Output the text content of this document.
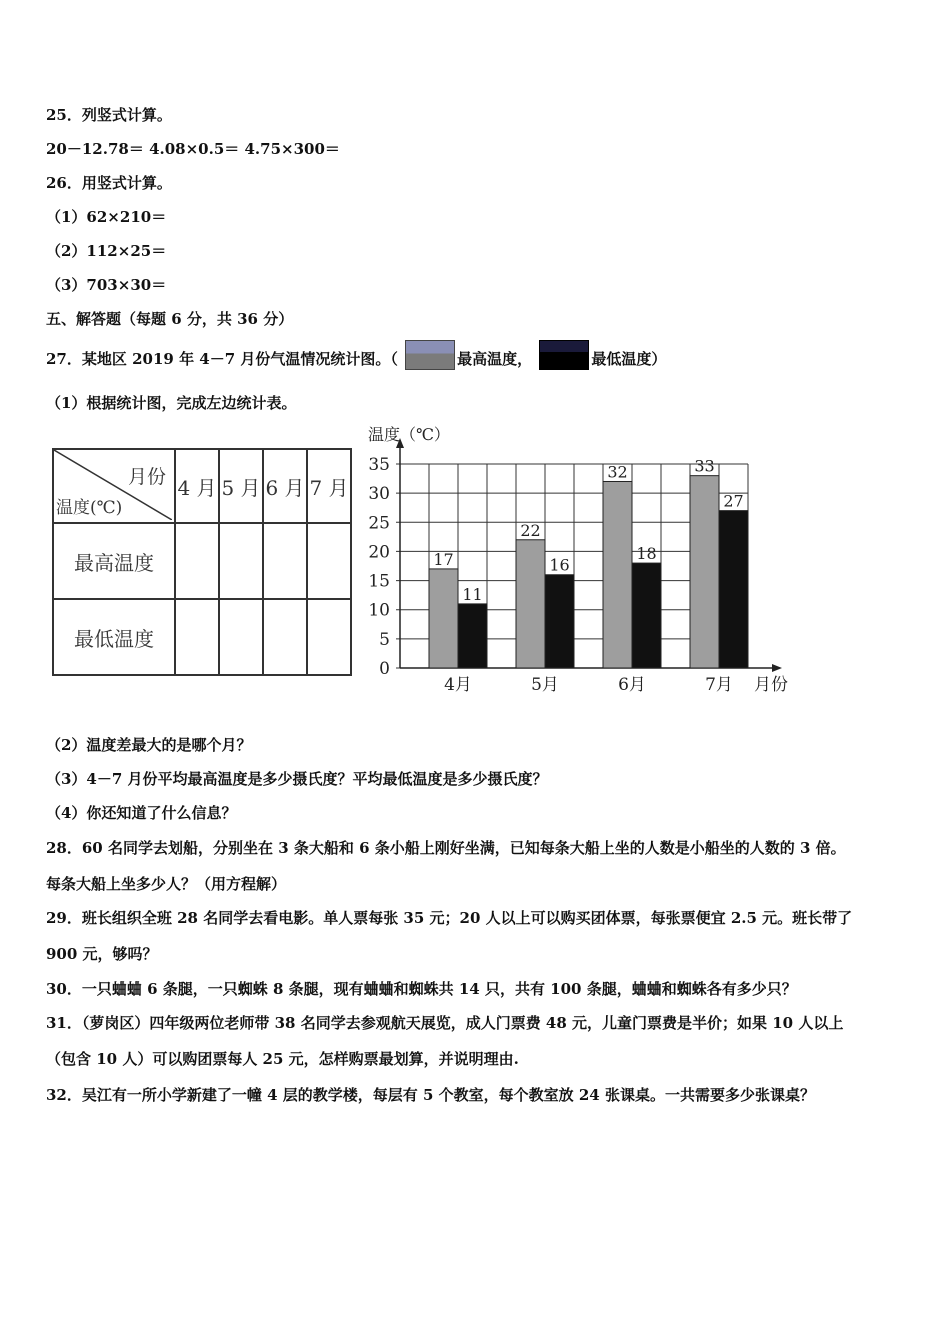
25．列竖式计算。
20－12.78＝ 4.08×0.5＝ 4.75×300＝
26．用竖式计算。
（1）62×210＝
（2）112×25＝
（3）703×30＝
五、解答题（每题 6 分，共 36 分）
27．某地区 2019 年 4－7 月份气温情况统计图。（	最高温度，	最低温度）
（1）根据统计图，完成左边统计表。
月份
温度(℃)	4 月	5 月	6 月	7 月
最高温度				
最低温度				
0
5
10
15
20
25
30
35
温度（℃）
17
11
4月
22
16
5月
32
18
6月
33
27
7月 月份
（2）温度差最大的是哪个月？
（3）4－7 月份平均最高温度是多少摄氏度？平均最低温度是多少摄氏度？
（4）你还知道了什么信息？
28．60 名同学去划船，分别坐在 3 条大船和 6 条小船上刚好坐满，已知每条大船上坐的人数是小船坐的人数的 3 倍。
每条大船上坐多少人？（用方程解）
29．班长组织全班 28 名同学去看电影。单人票每张 35 元；20 人以上可以购买团体票，每张票便宜 2.5 元。班长带了
900 元，够吗？
30．一只蛐蛐 6 条腿，一只蜘蛛 8 条腿，现有蛐蛐和蜘蛛共 14 只，共有 100 条腿，蛐蛐和蜘蛛各有多少只？
31．（萝岗区）四年级两位老师带 38 名同学去参观航天展览，成人门票费 48 元，儿童门票费是半价；如果 10 人以上
（包含 10 人）可以购团票每人 25 元，怎样购票最划算，并说明理由.
32．吴江有一所小学新建了一幢 4 层的教学楼，每层有 5 个教室，每个教室放 24 张课桌。一共需要多少张课桌？
